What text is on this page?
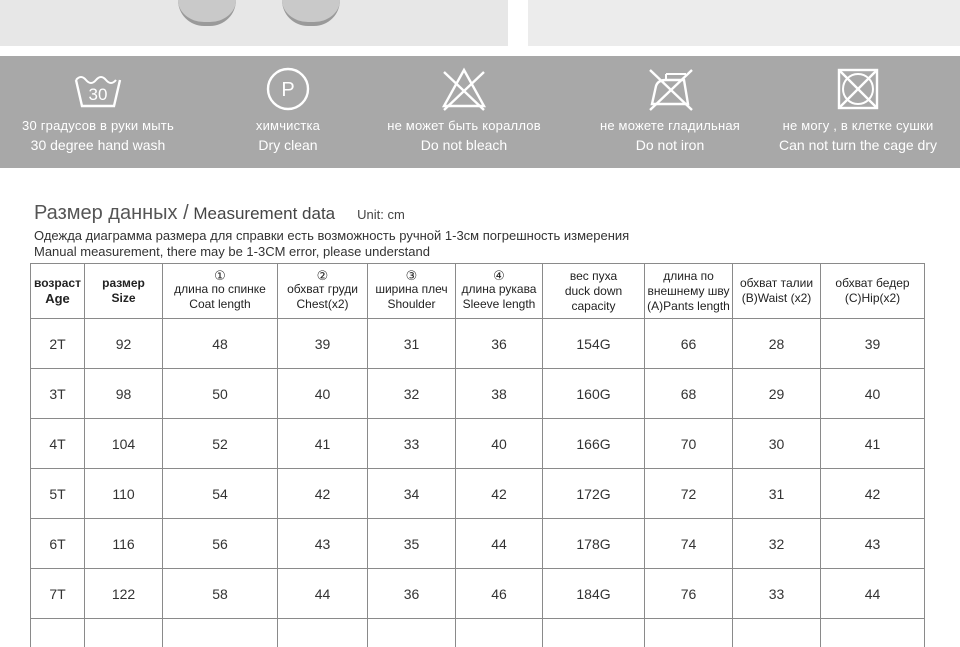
30
30 градусов в руки мыть
30 degree hand wash
P
химчистка
Dry clean
не может быть кораллов
Do not bleach
не можете гладильная
Do not iron
не могу , в клетке сушки
Can not turn the cage dry
Размер данных / Measurement data Unit: cm
Одежда диаграмма размера для справки есть возможность ручной 1-3см погрешность измерения
Manual measurement, there may be 1-3CM error, please understand
возраст
Age	размер
Size	①
длина по спинке
Coat length	②
обхват груди
Chest(x2)	③
ширина плеч
Shoulder	④
длина рукава
Sleeve length	вес пуха
duck down
capacity	длина по
внешнему шву
(A)Pants length	обхват талии
(B)Waist (x2)	обхват бедер
(C)Hip(x2)

2T	92	48	39	31	36	154G	66	28	39
3T	98	50	40	32	38	160G	68	29	40
4T	104	52	41	33	40	166G	70	30	41
5T	110	54	42	34	42	172G	72	31	42
6T	116	56	43	35	44	178G	74	32	43
7T	122	58	44	36	46	184G	76	33	44
